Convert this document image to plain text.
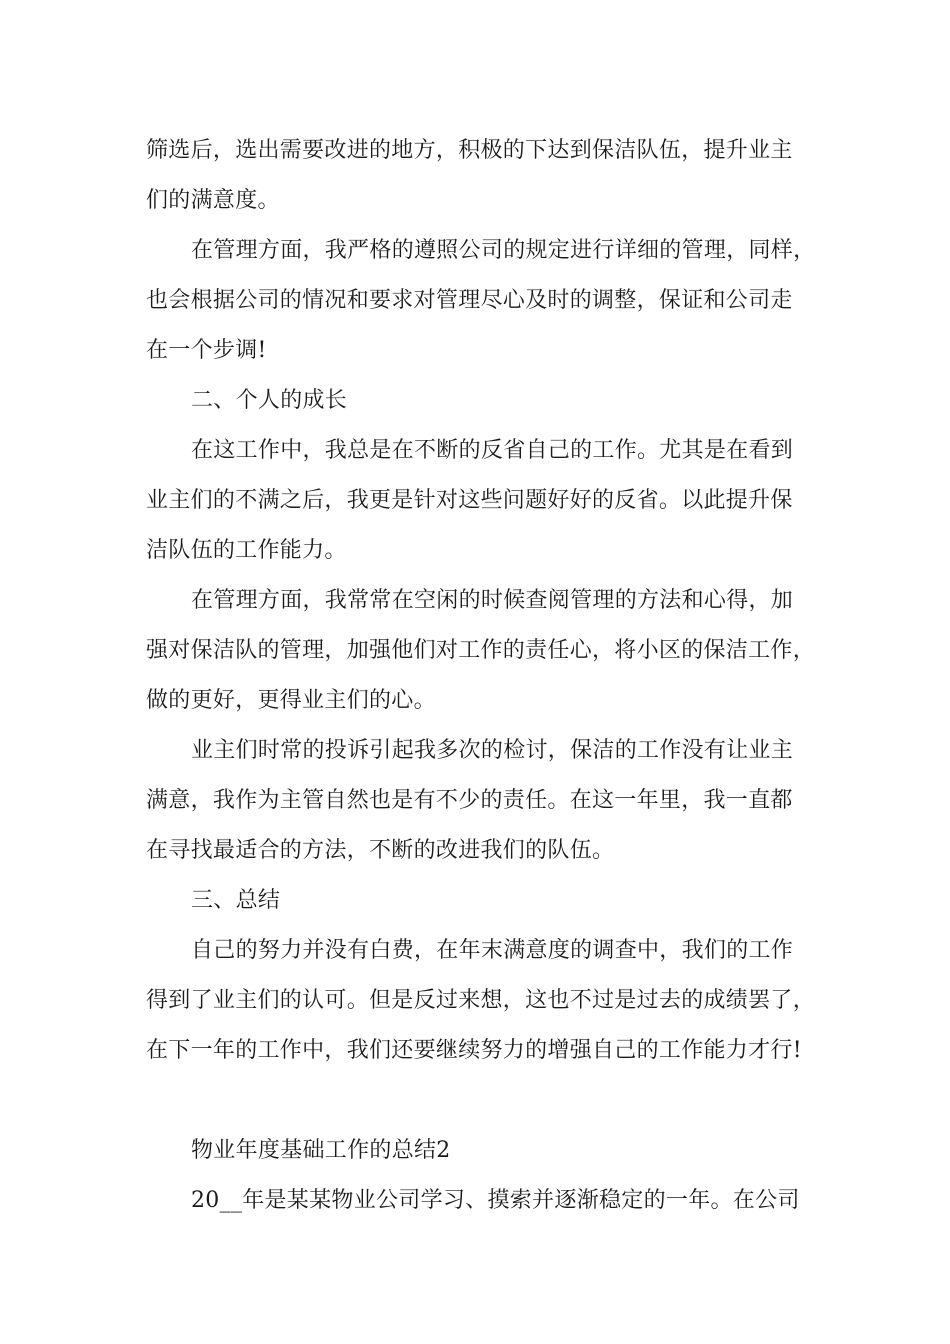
筛选后，选出需要改进的地方，积极的下达到保洁队伍，提升业主
们的满意度。
在管理方面，我严格的遵照公司的规定进行详细的管理，同样，
也会根据公司的情况和要求对管理尽心及时的调整，保证和公司走
在一个步调!
二、个人的成长
在这工作中，我总是在不断的反省自己的工作。尤其是在看到
业主们的不满之后，我更是针对这些问题好好的反省。以此提升保
洁队伍的工作能力。
在管理方面，我常常在空闲的时候查阅管理的方法和心得，加
强对保洁队的管理，加强他们对工作的责任心，将小区的保洁工作，
做的更好，更得业主们的心。
业主们时常的投诉引起我多次的检讨，保洁的工作没有让业主
满意，我作为主管自然也是有不少的责任。在这一年里，我一直都
在寻找最适合的方法，不断的改进我们的队伍。
三、总结
自己的努力并没有白费，在年末满意度的调查中，我们的工作
得到了业主们的认可。但是反过来想，这也不过是过去的成绩罢了，
在下一年的工作中，我们还要继续努力的增强自己的工作能力才行!
物业年度基础工作的总结2
20__年是某某物业公司学习、摸索并逐渐稳定的一年。在公司
